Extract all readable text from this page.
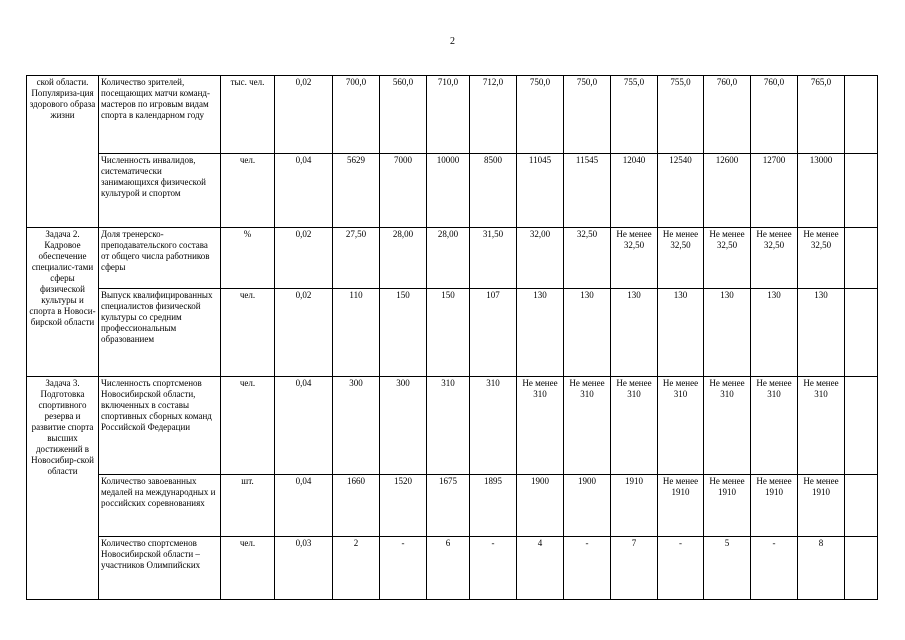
2
ской области. Популяриза-ция здорового образа жизни	Количество зрителей, посещающих матчи команд-мастеров по игровым видам спорта в календарном году	тыс. чел.	0,02	700,0	560,0	710,0	712,0	750,0	750,0	755,0	755,0	760,0	760,0	765,0	
	Численность инвалидов, систематически занимающихся физической культурой и спортом	чел.	0,04	5629	7000	10000	8500	11045	11545	12040	12540	12600	12700	13000	
Задача 2. Кадровое обеспечение специалис-тами сферы физической культуры и спорта в Новоси-бирской области	Доля тренерско-преподавательского состава от общего числа работников сферы	%	0,02	27,50	28,00	28,00	31,50	32,00	32,50	Не менее 32,50	Не менее 32,50	Не менее 32,50	Не менее 32,50	Не менее 32,50	
	Выпуск квалифицированных специалистов физической культуры со средним профессиональным образованием	чел.	0,02	110	150	150	107	130	130	130	130	130	130	130	
Задача 3. Подготовка спортивного резерва и развитие спорта высших достижений в Новосибир-ской области	Численность спортсменов Новосибирской области, включенных в составы спортивных сборных команд Российской Федерации	чел.	0,04	300	300	310	310	Не менее 310	Не менее 310	Не менее 310	Не менее 310	Не менее 310	Не менее 310	Не менее 310	
	Количество завоеванных медалей на международных и российских соревнованиях	шт.	0,04	1660	1520	1675	1895	1900	1900	1910	Не менее 1910	Не менее 1910	Не менее 1910	Не менее 1910	
	Количество спортсменов Новосибирской области – участников Олимпийских	чел.	0,03	2	-	6	-	4	-	7	-	5	-	8	
